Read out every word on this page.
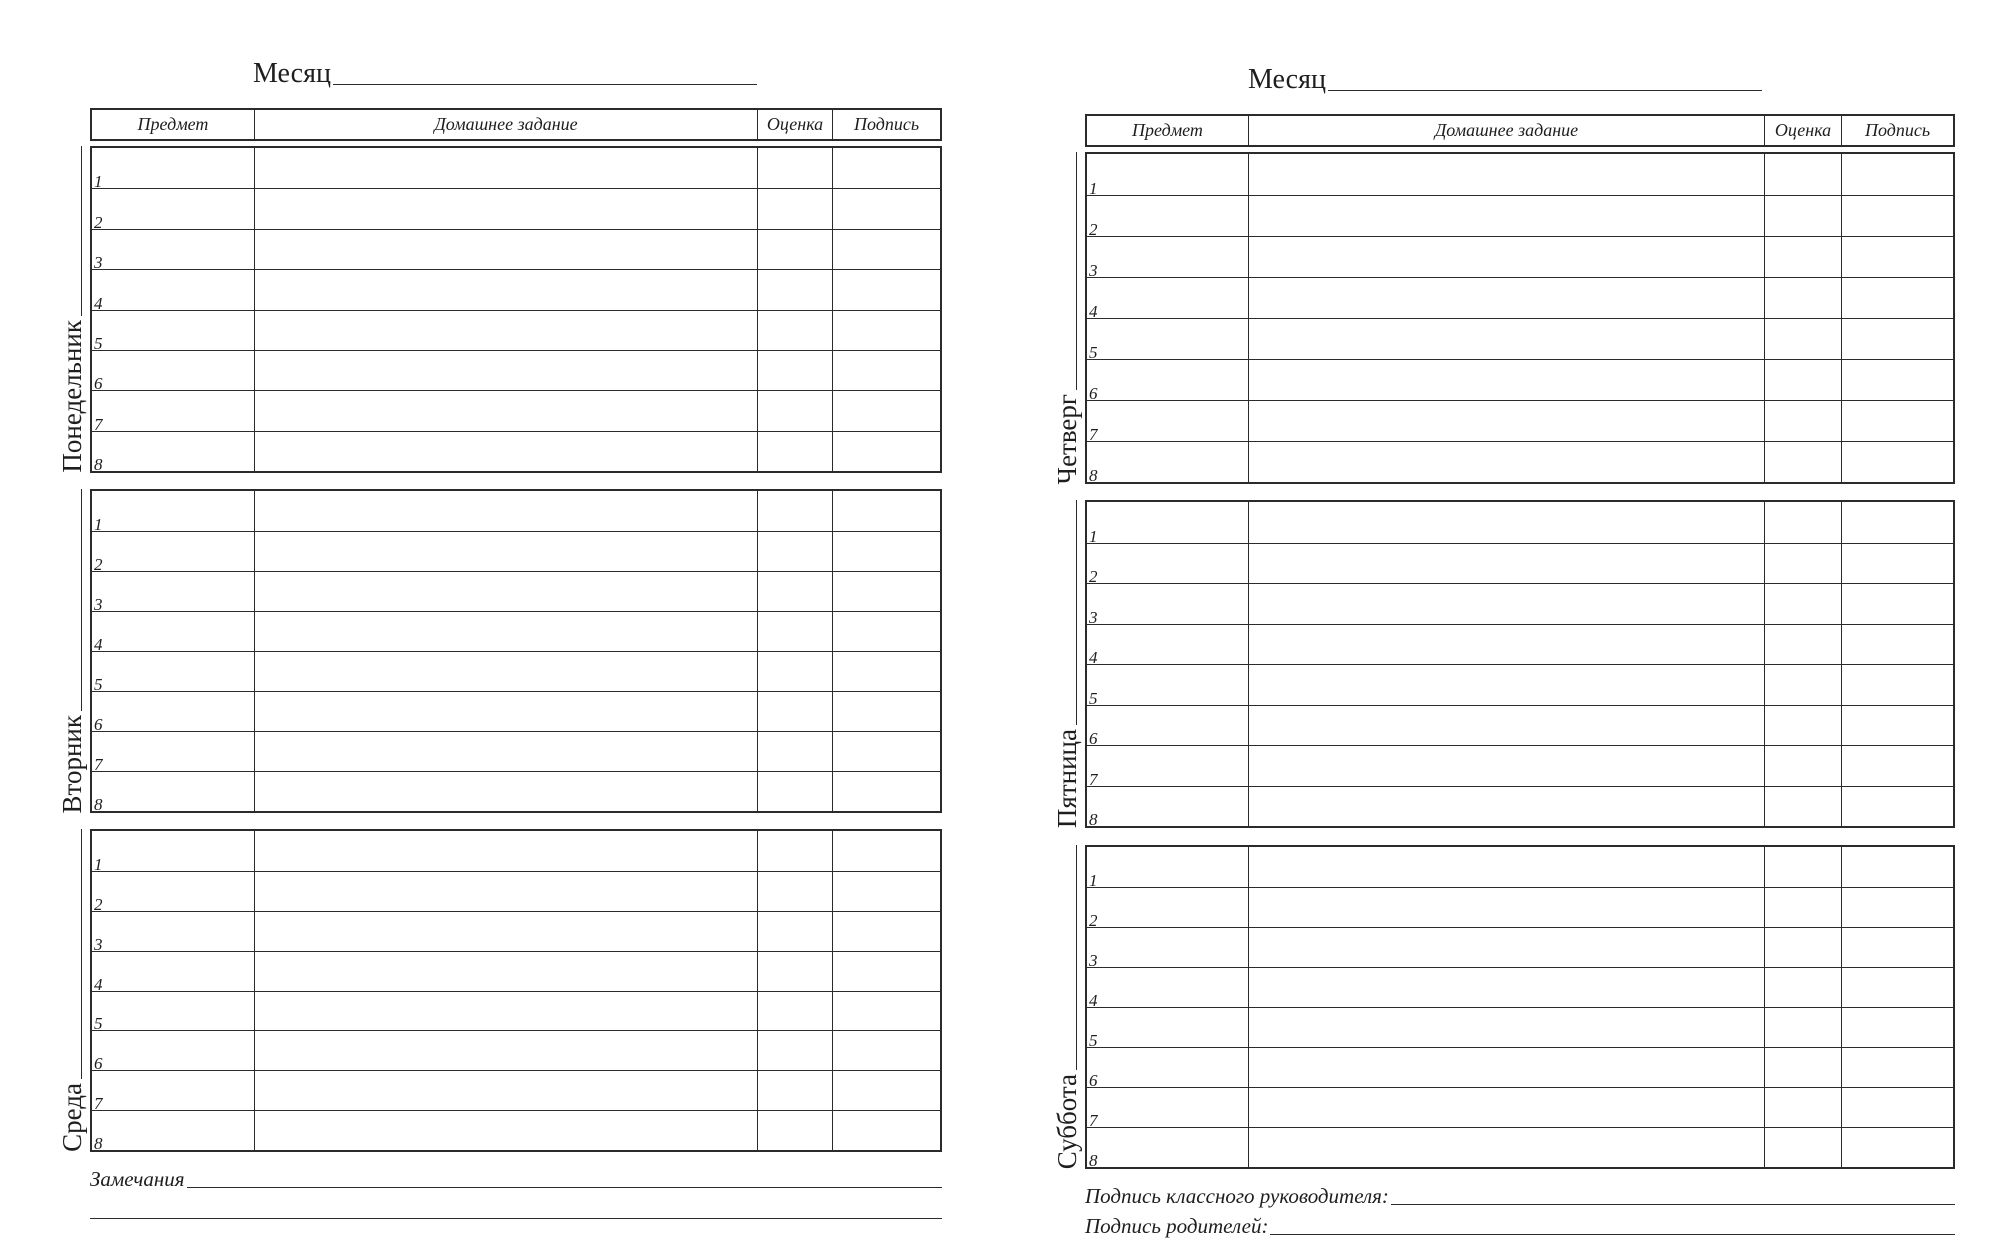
Месяц
Предмет	Домашнее задание	Оценка	Подпись
Понедельник
1
2
3
4
5
6
7
8
Вторник
1
2
3
4
5
6
7
8
Среда
1
2
3
4
5
6
7
8
Замечания
Месяц
Предмет	Домашнее задание	Оценка	Подпись
Четверг
1
2
3
4
5
6
7
8
Пятница
1
2
3
4
5
6
7
8
Суббота
1
2
3
4
5
6
7
8
Подпись классного руководителя:
Подпись родителей:
